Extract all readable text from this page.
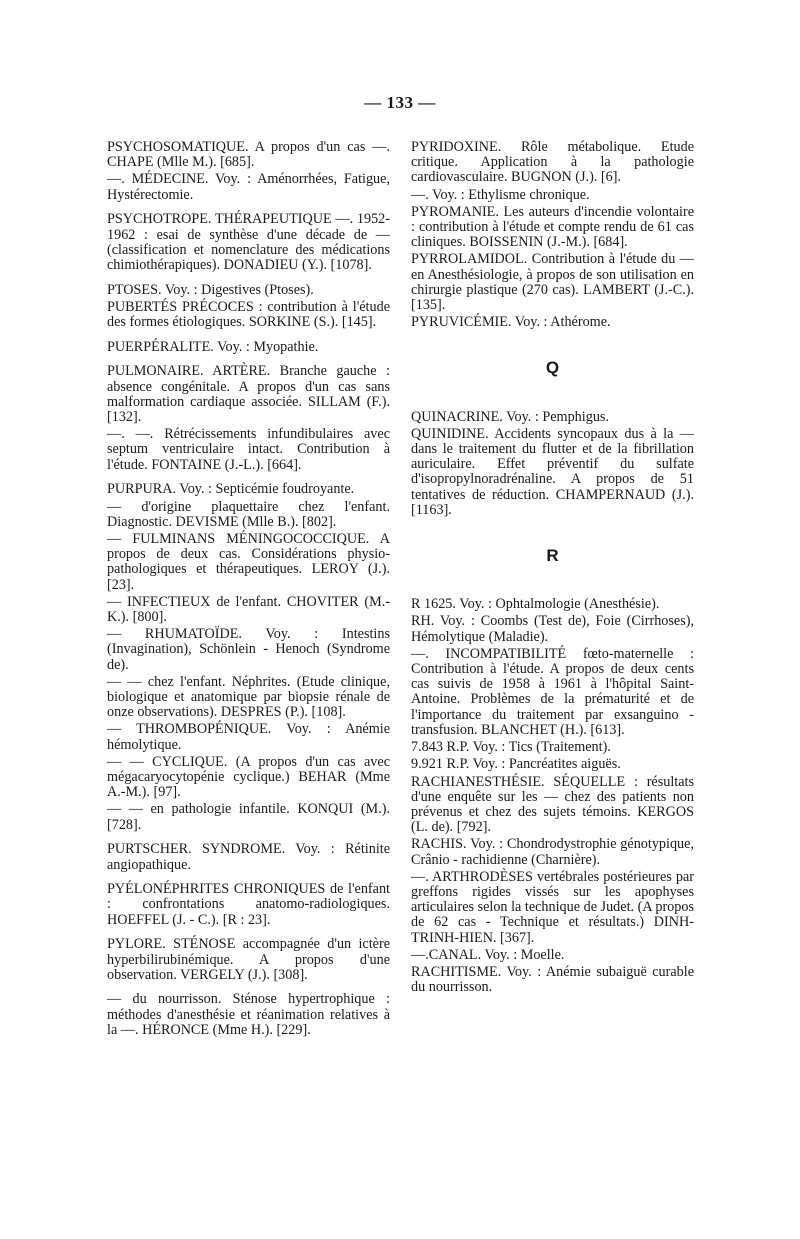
— 133 —

PSYCHOSOMATIQUE. A propos d'un cas —. CHAPE (Mlle M.). [685].

—. MÉDECINE. Voy. : Aménorrhées, Fatigue, Hystérectomie.

PSYCHOTROPE. THÉRAPEUTIQUE —. 1952-1962 : esai de synthèse d'une décade de — (classification et nomenclature des médications chimiothérapiques). DONADIEU (Y.). [1078].

PTOSES. Voy. : Digestives (Ptoses).

PUBERTÉS PRÉCOCES : contribution à l'étude des formes étiologiques. SORKINE (S.). [145].

PUERPÉRALITE. Voy. : Myopathie.

PULMONAIRE. ARTÈRE. Branche gauche : absence congénitale. A propos d'un cas sans malformation cardiaque associée. SILLAM (F.). [132].

—. —. Rétrécissements infundibulaires avec septum ventriculaire intact. Contribution à l'étude. FONTAINE (J.-L.). [664].

PURPURA. Voy. : Septicémie foudroyante.

— d'origine plaquettaire chez l'enfant. Diagnostic. DEVISME (Mlle B.). [802].

— FULMINANS MÉNINGOCOCCIQUE. A propos de deux cas. Considérations physio-pathologiques et thérapeutiques. LEROY (J.). [23].

— INFECTIEUX de l'enfant. CHOVITER (M.-K.). [800].

— RHUMATOÏDE. Voy. : Intestins (Invagination), Schönlein - Henoch (Syndrome de).

— — chez l'enfant. Néphrites. (Etude clinique, biologique et anatomique par biopsie rénale de onze observations). DESPRES (P.). [108].

— THROMBOPÉNIQUE. Voy. : Anémie hémolytique.

— — CYCLIQUE. (A propos d'un cas avec mégacaryocytopénie cyclique.) BEHAR (Mme A.-M.). [97].

— — en pathologie infantile. KONQUI (M.). [728].

PURTSCHER. SYNDROME. Voy. : Rétinite angiopathique.

PYÉLONÉPHRITES CHRONIQUES de l'enfant : confrontations anatomo-radiologiques. HOEFFEL (J. - C.). [R : 23].

PYLORE. STÉNOSE accompagnée d'un ictère hyperbilirubinémique. A propos d'une observation. VERGELY (J.). [308].

— du nourrisson. Sténose hypertrophique : méthodes d'anesthésie et réanimation relatives à la —. HÉRONCE (Mme H.). [229].

PYRIDOXINE. Rôle métabolique. Etude critique. Application à la pathologie cardiovasculaire. BUGNON (J.). [6].

—. Voy. : Ethylisme chronique.

PYROMANIE. Les auteurs d'incendie volontaire : contribution à l'étude et compte rendu de 61 cas cliniques. BOISSENIN (J.-M.). [684].

PYRROLAMIDOL. Contribution à l'étude du — en Anesthésiologie, à propos de son utilisation en chirurgie plastique (270 cas). LAMBERT (J.-C.). [135].

PYRUVICÉMIE. Voy. : Athérome.

Q

QUINACRINE. Voy. : Pemphigus.

QUINIDINE. Accidents syncopaux dus à la — dans le traitement du flutter et de la fibrillation auriculaire. Effet préventif du sulfate d'isopropylnoradrénaline. A propos de 51 tentatives de réduction. CHAMPERNAUD (J.). [1163].

R

R 1625. Voy. : Ophtalmologie (Anesthésie).

RH. Voy. : Coombs (Test de), Foie (Cirrhoses), Hémolytique (Maladie).

—. INCOMPATIBILITÉ fœto-maternelle : Contribution à l'étude. A propos de deux cents cas suivis de 1958 à 1961 à l'hôpital Saint-Antoine. Problèmes de la prématurité et de l'importance du traitement par exsanguino - transfusion. BLANCHET (H.). [613].

7.843 R.P. Voy. : Tics (Traitement).

9.921 R.P. Voy. : Pancréatites aiguës.

RACHIANESTHÉSIE. SÉQUELLE : résultats d'une enquête sur les — chez des patients non prévenus et chez des sujets témoins. KERGOS (L. de). [792].

RACHIS. Voy. : Chondrodystrophie génotypique, Crânio - rachidienne (Charnière).

—. ARTHRODÈSES vertébrales postérieures par greffons rigides vissés sur les apophyses articulaires selon la technique de Judet. (A propos de 62 cas - Technique et résultats.) DINH-TRINH-HIEN. [367].

—.CANAL. Voy. : Moelle.

RACHITISME. Voy. : Anémie subaiguë curable du nourrisson.
